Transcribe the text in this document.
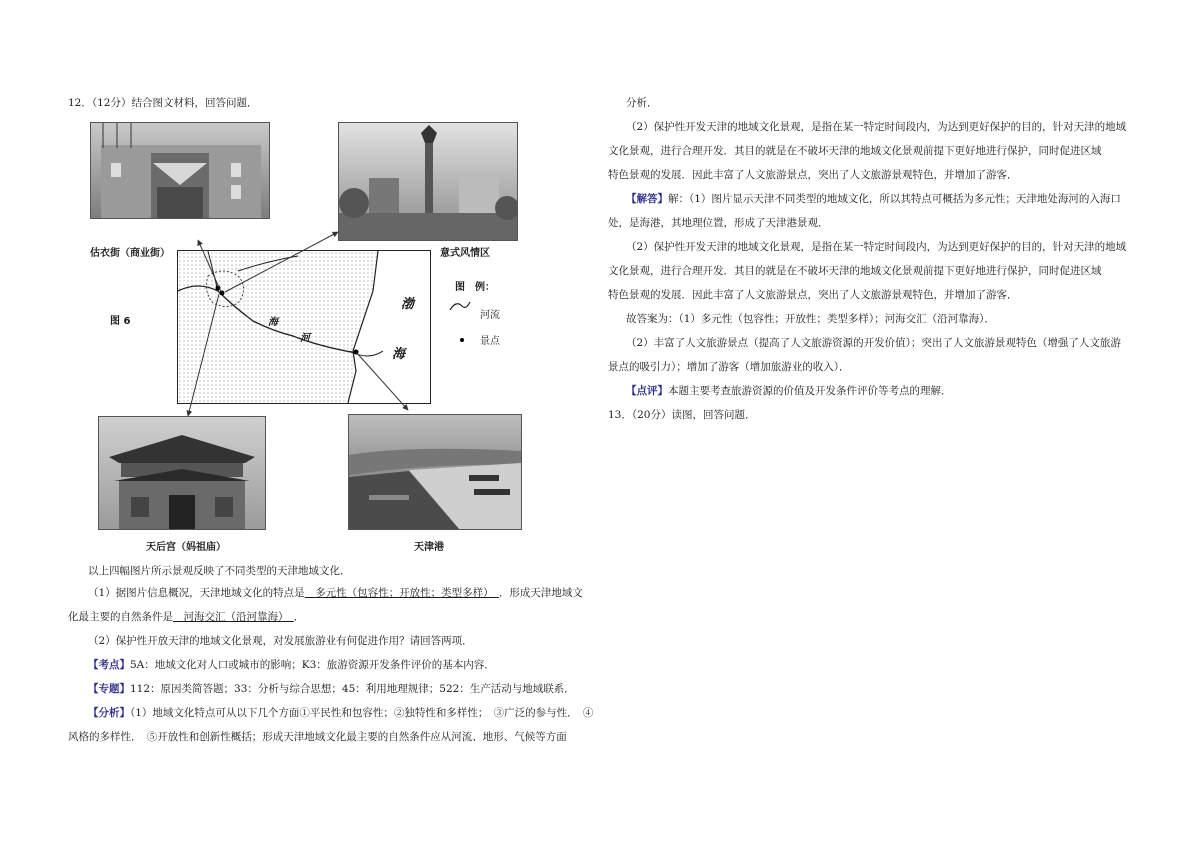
12．（12分）结合图文材料，回答问题．
估衣街（商业街）	意式风情区
海
河
渤
海
图　例：
河流
景点
图 6
天后宫（妈祖庙）	天津港
以上四幅图片所示景观反映了不同类型的天津地域文化．
（1）据图片信息概况，天津地域文化的特点是　 多元性（包容性；开放性；类型多样）　 ．形成天津地域文
化最主要的自然条件是　 河海交汇（沿河靠海）　 ．
（2）保护性开放天津的地域文化景观，对发展旅游业有何促进作用？请回答两项．
【考点】5A：地域文化对人口或城市的影响；K3：旅游资源开发条件评价的基本内容．
【专题】112：原因类简答题；33：分析与综合思想；45：利用地理规律；522：生产活动与地域联系．
【分析】（1）地域文化特点可从以下几个方面①平民性和包容性；②独特性和多样性；　③广泛的参与性．　④
风格的多样性．　⑤开放性和创新性概括；形成天津地域文化最主要的自然条件应从河流、地形、气候等方面
分析．
（2）保护性开发天津的地域文化景观，是指在某一特定时间段内，为达到更好保护的目的，针对天津的地域
文化景观，进行合理开发．其目的就是在不破坏天津的地域文化景观前提下更好地进行保护，同时促进区域
特色景观的发展．因此丰富了人文旅游景点，突出了人文旅游景观特色，并增加了游客．
【解答】解：（1）图片显示天津不同类型的地域文化，所以其特点可概括为多元性；天津地处海河的入海口
处，是海港，其地理位置，形成了天津港景观．
（2）保护性开发天津的地域文化景观，是指在某一特定时间段内，为达到更好保护的目的，针对天津的地域
文化景观，进行合理开发．其目的就是在不破坏天津的地域文化景观前提下更好地进行保护，同时促进区域
特色景观的发展．因此丰富了人文旅游景点，突出了人文旅游景观特色，并增加了游客．
故答案为：（1）多元性（包容性；开放性；类型多样）；河海交汇（沿河靠海）．
（2）丰富了人文旅游景点（提高了人文旅游资源的开发价值）；突出了人文旅游景观特色（增强了人文旅游
景点的吸引力）；增加了游客（增加旅游业的收入）．
【点评】本题主要考查旅游资源的价值及开发条件评价等考点的理解．
13．（20分）读图，回答问题．
